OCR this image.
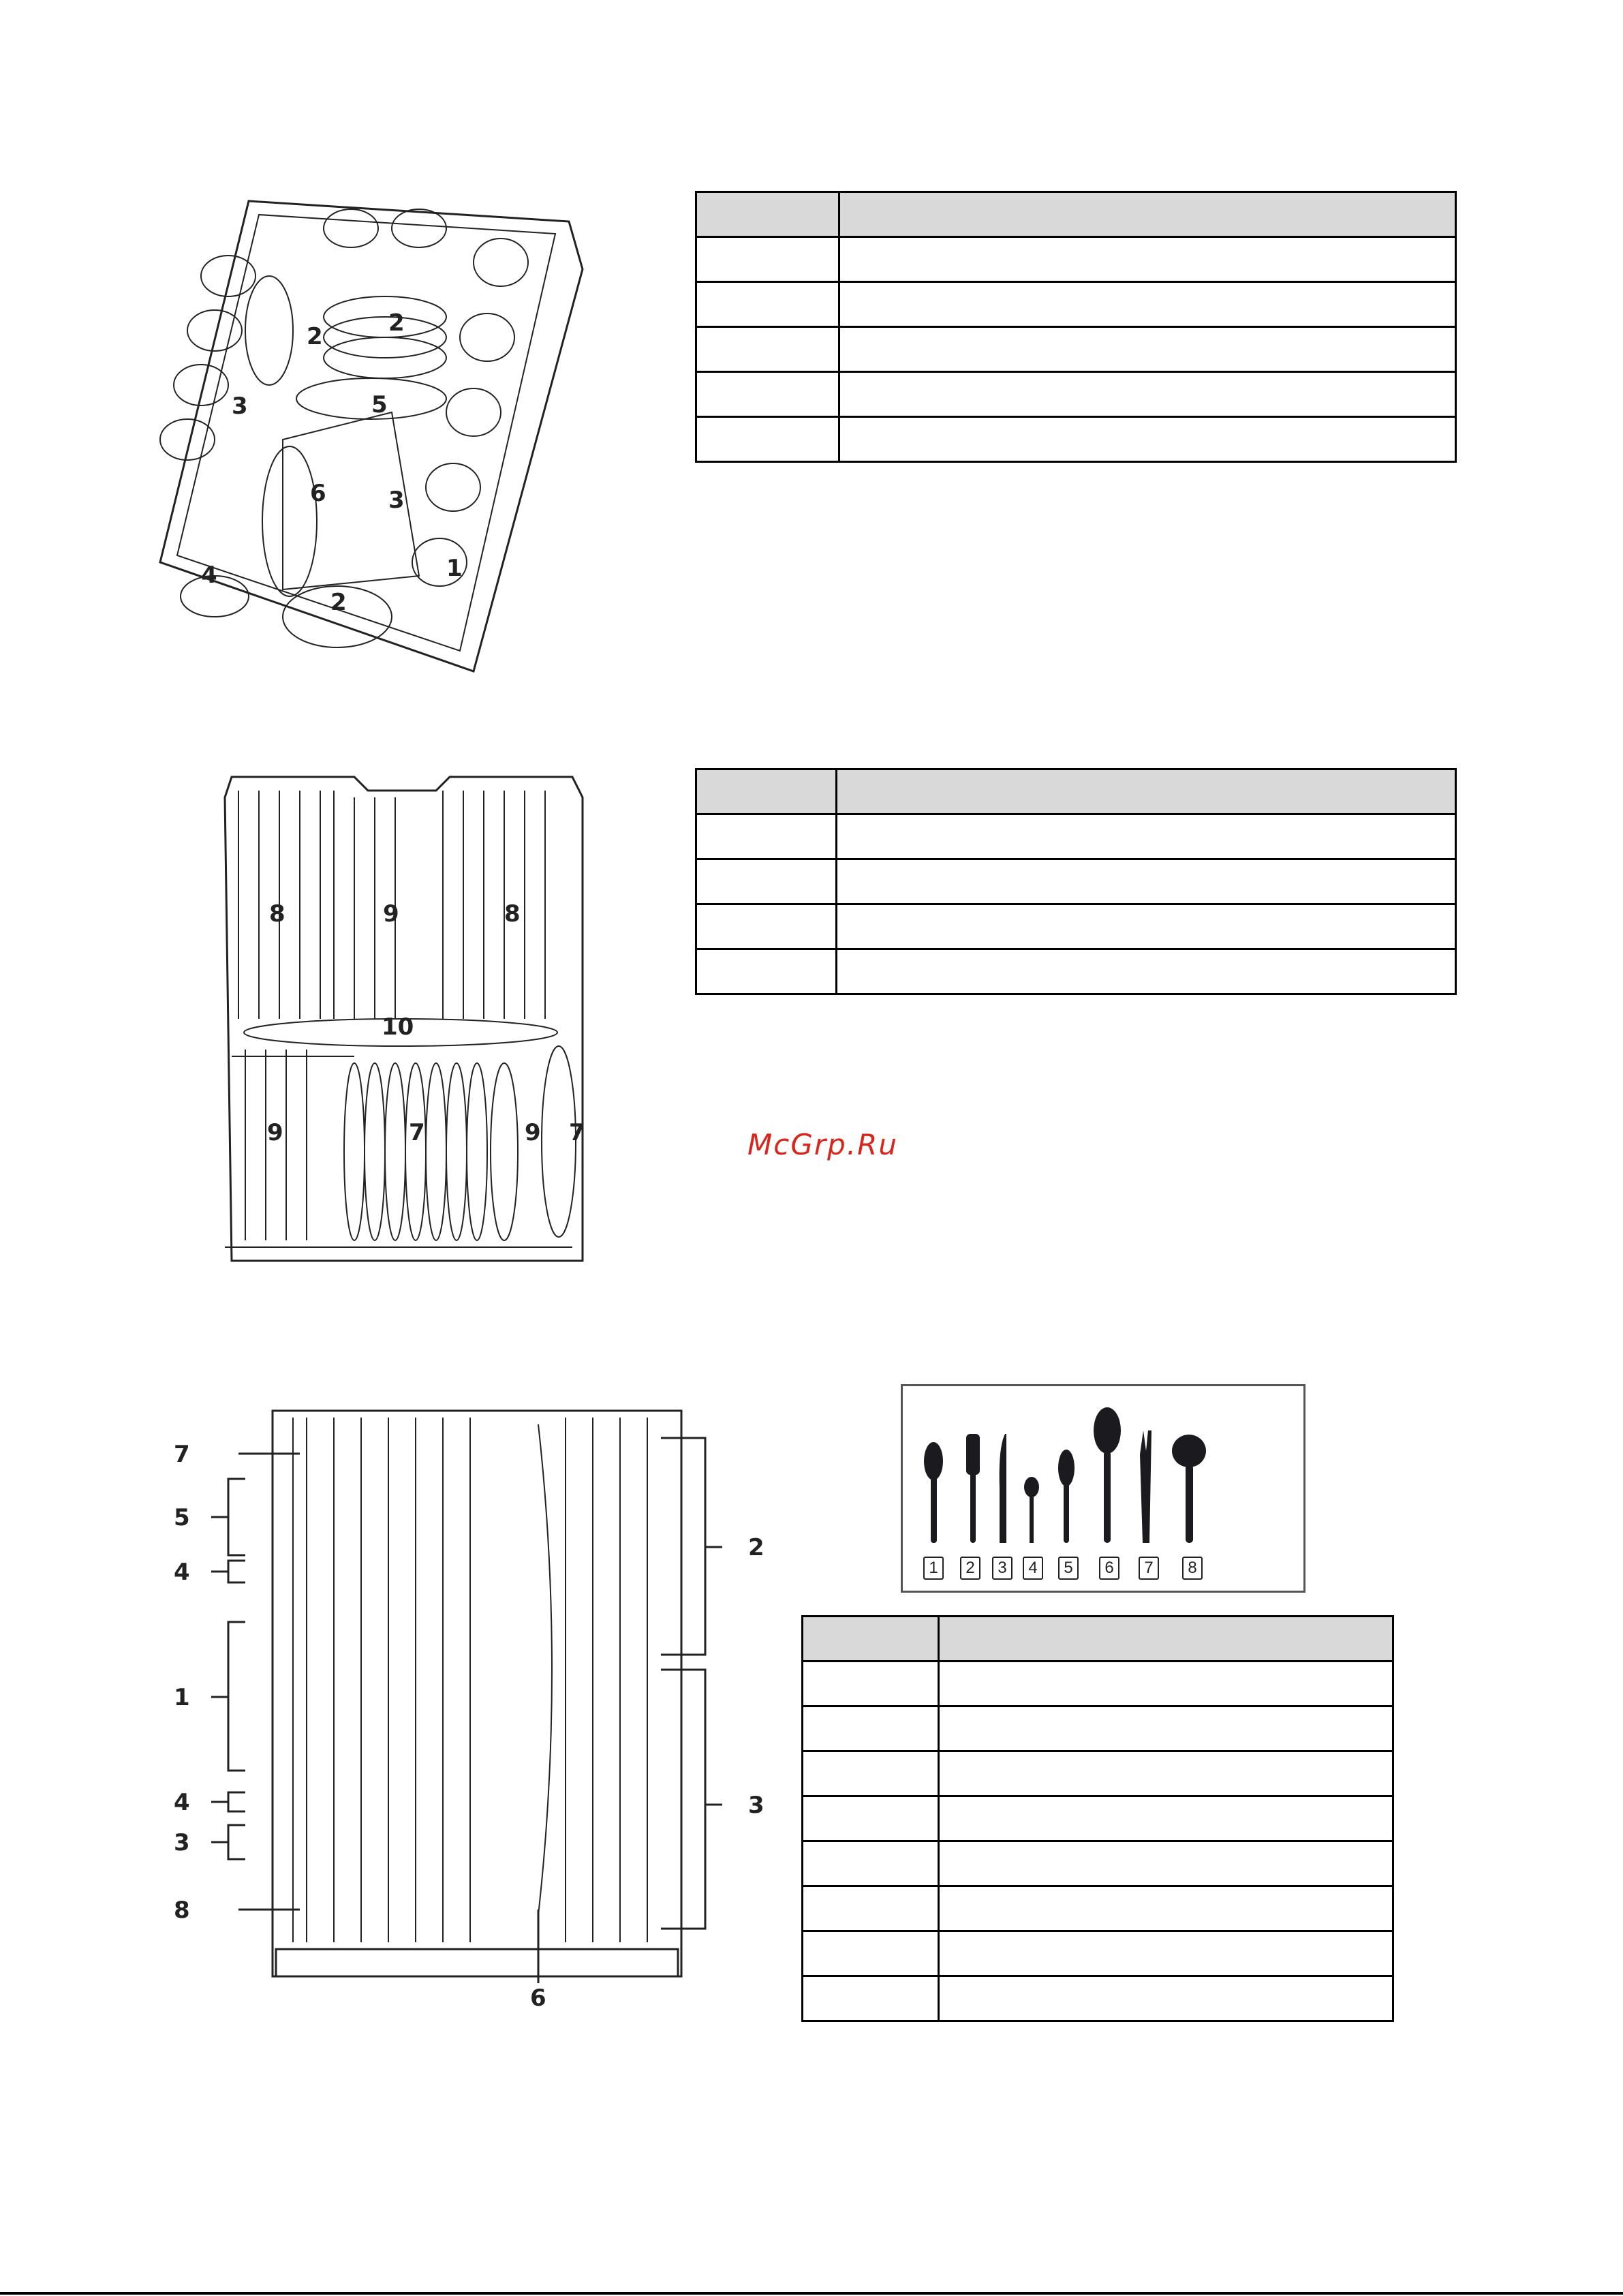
2	2
3	5
6	3
1
4
2

8	9	8
10
9	7	9 7

		McGrp.Ru
7
5
4
1
4
3
8
2
3
6
1	2	3	4	5	6	7	8
